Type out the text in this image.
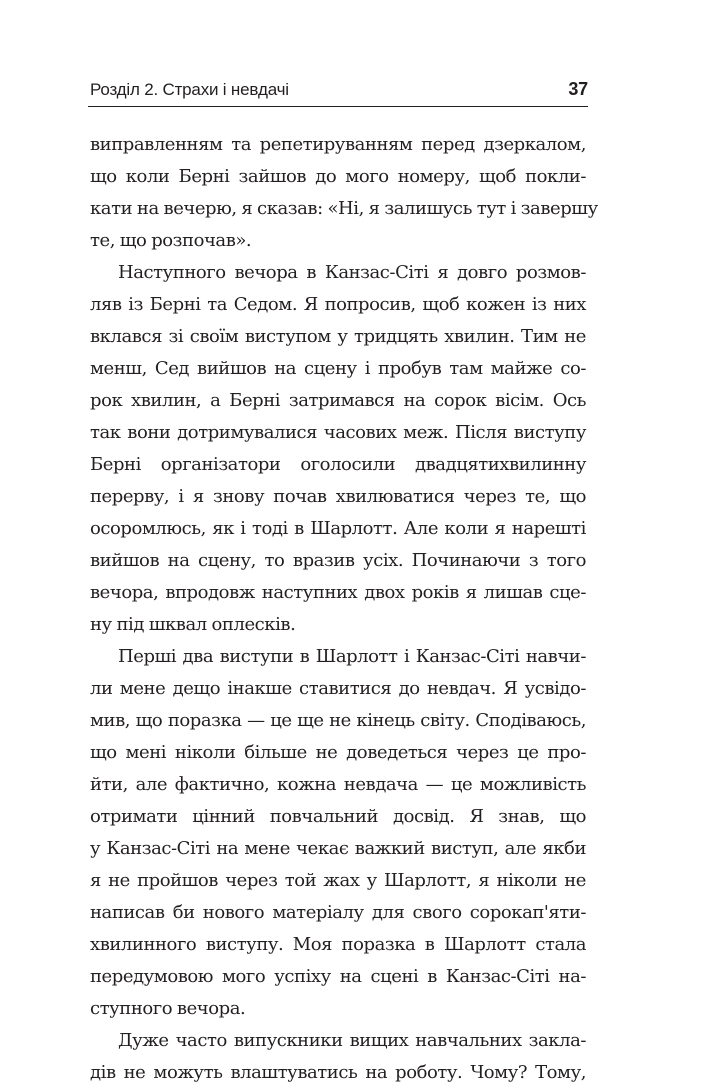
Розділ 2. Страхи і невдачі	37
виправленням та репетируванням перед дзеркалом,
що коли Берні зайшов до мого номеру, щоб покли-
кати на вечерю, я сказав: «Ні, я залишусь тут і завершу
те, що розпочав».
Наступного вечора в Канзас-Сіті я довго розмов-
ляв із Берні та Седом. Я попросив, щоб кожен із них
вклався зі своїм виступом у тридцять хвилин. Тим не
менш, Сед вийшов на сцену і пробув там майже со-
рок хвилин, а Берні затримався на сорок вісім. Ось
так вони дотримувалися часових меж. Після виступу
Берні організатори оголосили двадцятихвилинну
перерву, і я знову почав хвилюватися через те, що
осоромлюсь, як і тоді в Шарлотт. Але коли я нарешті
вийшов на сцену, то вразив усіх. Починаючи з того
вечора, впродовж наступних двох років я лишав сце-
ну під шквал оплесків.
Перші два виступи в Шарлотт і Канзас-Сіті навчи-
ли мене дещо інакше ставитися до невдач. Я усвідо-
мив, що поразка — це ще не кінець світу. Сподіваюсь,
що мені ніколи більше не доведеться через це про-
йти, але фактично, кожна невдача — це можливість
отримати цінний повчальний досвід. Я знав, що
у Канзас-Сіті на мене чекає важкий виступ, але якби
я не пройшов через той жах у Шарлотт, я ніколи не
написав би нового матеріалу для свого сорокап'яти-
хвилинного виступу. Моя поразка в Шарлотт стала
передумовою мого успіху на сцені в Канзас-Сіті на-
ступного вечора.
Дуже часто випускники вищих навчальних заклa-
дів не можуть влаштуватись на роботу. Чому? Тому,
